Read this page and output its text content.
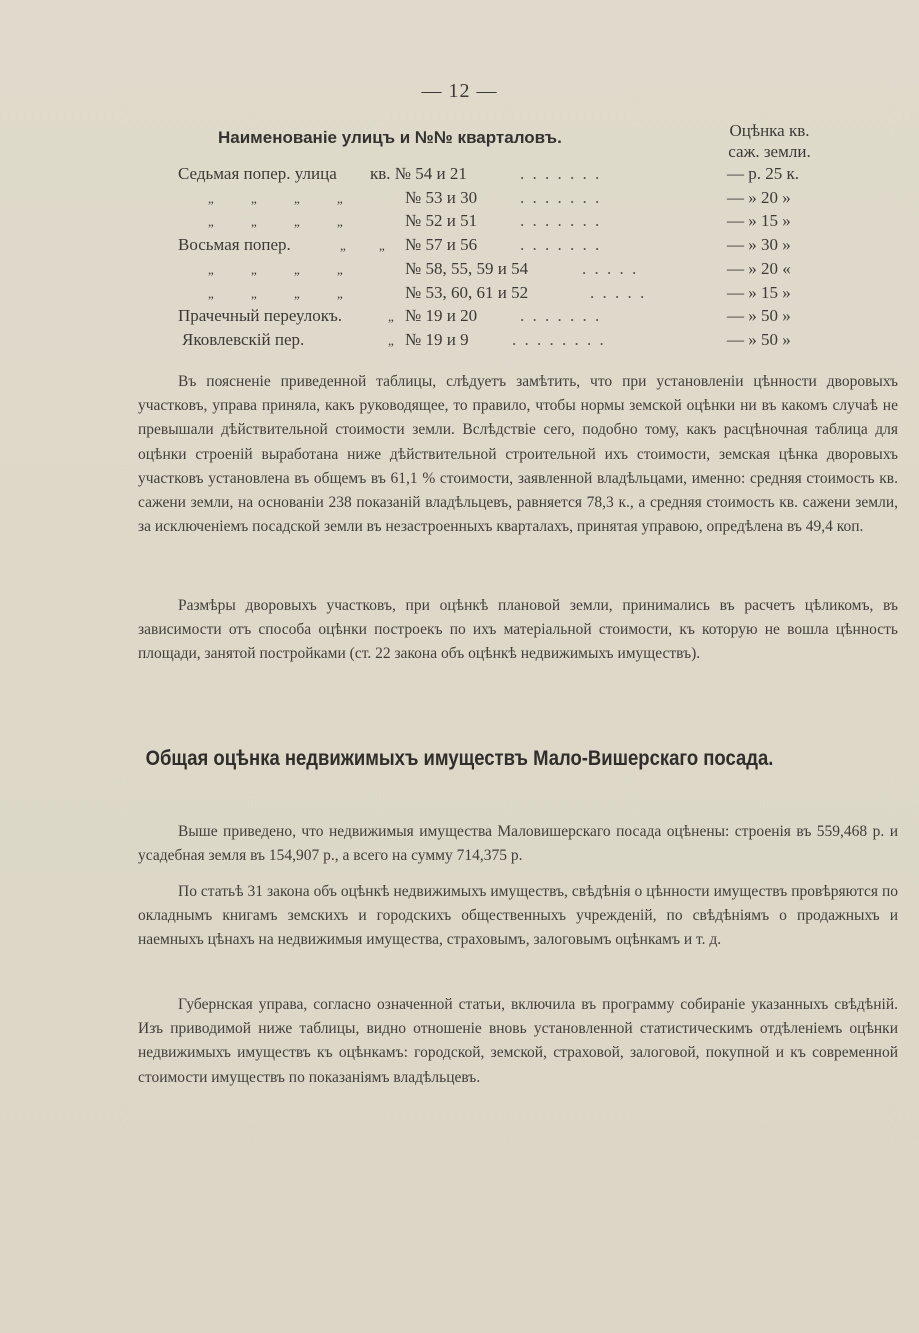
— 12 —
Наименованіе улицъ и №№ кварталовъ.	Оцѣнка кв.
саж. земли.
Седьмая попер. улица кв. № 54 и 21	. . . . . . .	— р. 25 к.
„ „ „ „	№ 53 и 30	. . . . . . .	— » 20 »
„ „ „ „	№ 52 и 51	. . . . . . .	— » 15 »
Восьмая попер.	„ „ № 57 и 56	. . . . . . .	— » 30 »
„ „ „ „	№ 58, 55, 59 и 54	. . . . .	— » 20 «
„ „ „ „	№ 53, 60, 61 и 52	. . . . .	— » 15 »
Прачечный переулокъ.	„ № 19 и 20	. . . . . . .	— » 50 »
Яковлевскій пер.	„ № 19 и 9	. . . . . . . .	— » 50 »

Въ поясненіе приведенной таблицы, слѣдуетъ замѣтить, что при установленіи цѣнности дворовыхъ участковъ, управа приняла, какъ руководящее, то правило, чтобы нормы земской оцѣнки ни въ какомъ случаѣ не превышали дѣйствительной стоимости земли. Вслѣдствіе сего, подобно тому, какъ расцѣночная таблица для оцѣнки строеній выработана ниже дѣйствительной строительной ихъ стоимости, земская цѣнка дворовыхъ участковъ установлена въ общемъ въ 61,1 % стоимости, заявленной владѣльцами, именно: средняя стоимость кв. сажени земли, на основаніи 238 показаній владѣльцевъ, равняется 78,3 к., а средняя стоимость кв. сажени земли, за исключеніемъ посадской земли въ незастроенныхъ кварталахъ, принятая управою, опредѣлена въ 49,4 коп.

Размѣры дворовыхъ участковъ, при оцѣнкѣ плановой земли, принимались въ расчетъ цѣликомъ, въ зависимости отъ способа оцѣнки построекъ по ихъ матеріальной стоимости, къ которую не вошла цѣнность площади, занятой постройками (ст. 22 закона объ оцѣнкѣ недвижимыхъ имуществъ).

Общая оцѣнка недвижимыхъ имуществъ Мало-Вишерскаго посада.

Выше приведено, что недвижимыя имущества Маловишерскаго посада оцѣнены: строенія въ 559,468 р. и усадебная земля въ 154,907 р., а всего на сумму 714,375 р.

По статьѣ 31 закона объ оцѣнкѣ недвижимыхъ имуществъ, свѣдѣнія о цѣнности имуществъ провѣряются по окладнымъ книгамъ земскихъ и городскихъ общественныхъ учрежденій, по свѣдѣніямъ о продажныхъ и наемныхъ цѣнахъ на недвижимыя имущества, страховымъ, залоговымъ оцѣнкамъ и т. д.

Губернская управа, согласно означенной статьи, включила въ программу собираніе указанныхъ свѣдѣній. Изъ приводимой ниже таблицы, видно отношеніе вновь установленной статистическимъ отдѣленіемъ оцѣнки недвижимыхъ имуществъ къ оцѣнкамъ: городской, земской, страховой, залоговой, покупной и къ современной стоимости имуществъ по показаніямъ владѣльцевъ.
